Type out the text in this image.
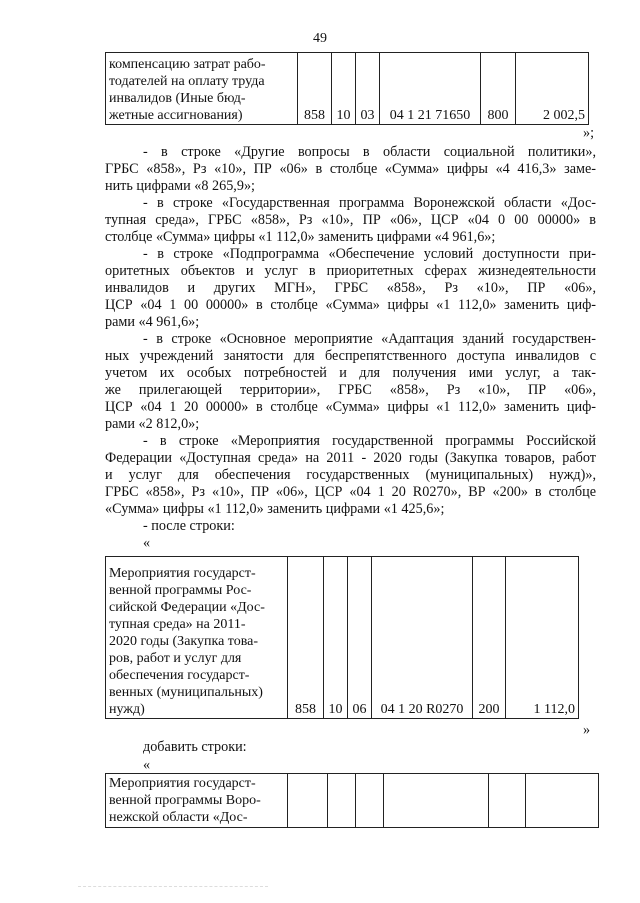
49
компенсацию затрат рабо-
тодателей на оплату труда
инвалидов (Иные бюд-
жетные ассигнования)	858	10	03	04 1 21 71650	800	2 002,5
»;
- в строке «Другие вопросы в области социальной политики»,
ГРБС «858», Рз «10», ПР «06» в столбце «Сумма» цифры «4 416,3» заме-
нить цифрами «8 265,9»;
- в строке «Государственная программа Воронежской области «Дос-
тупная среда», ГРБС «858», Рз «10», ПР «06», ЦСР «04 0 00 00000» в
столбце «Сумма» цифры «1 112,0» заменить цифрами «4 961,6»;
- в строке «Подпрограмма «Обеспечение условий доступности при-
оритетных объектов и услуг в приоритетных сферах жизнедеятельности
инвалидов и других МГН», ГРБС «858», Рз «10», ПР «06»,
ЦСР «04 1 00 00000» в столбце «Сумма» цифры «1 112,0» заменить циф-
рами «4 961,6»;
- в строке «Основное мероприятие «Адаптация зданий государствен-
ных учреждений занятости для беспрепятственного доступа инвалидов с
учетом их особых потребностей и для получения ими услуг, а так-
же прилегающей территории», ГРБС «858», Рз «10», ПР «06»,
ЦСР «04 1 20 00000» в столбце «Сумма» цифры «1 112,0» заменить циф-
рами «2 812,0»;
- в строке «Мероприятия государственной программы Российской
Федерации «Доступная среда» на 2011 - 2020 годы (Закупка товаров, работ
и услуг для обеспечения государственных (муниципальных) нужд)»,
ГРБС «858», Рз «10», ПР «06», ЦСР «04 1 20 R0270», ВР «200» в столбце
«Сумма» цифры «1 112,0» заменить цифрами «1 425,6»;
- после строки:
«
Мероприятия государст-
венной программы Рос-
сийской Федерации «Дос-
тупная среда» на 2011-
2020 годы (Закупка това-
ров, работ и услуг для
обеспечения государст-
венных (муниципальных)
нужд)	858	10	06	04 1 20 R0270	200	1 112,0
»
добавить строки:
«
Мероприятия государст-
венной программы Воро-
нежской области «Дос-
